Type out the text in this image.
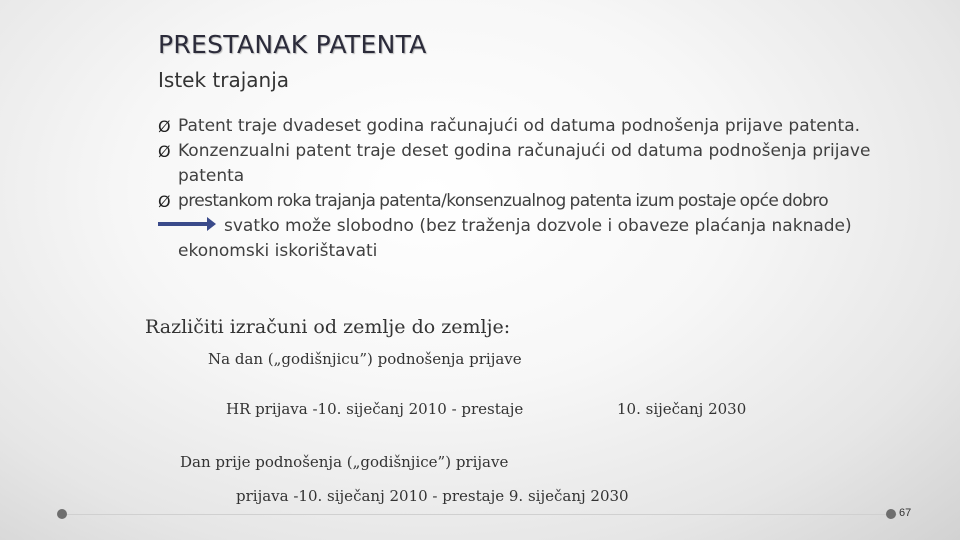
PRESTANAK PATENTA
Istek trajanja
Ø Patent traje dvadeset godina računajući od datuma podnošenja prijave patenta.
Ø Konzenzualni patent traje deset godina računajući od datuma podnošenja prijave
patenta
Ø prestankom roka trajanja patenta/konsenzualnog patenta izum postaje opće dobro
svatko može slobodno (bez traženja dozvole i obaveze plaćanja naknade)
ekonomski iskorištavati
Različiti izračuni od zemlje do zemlje:
Na dan („godišnjicu”) podnošenja prijave
HR prijava -10. siječanj 2010 - prestaje	10. siječanj 2030
Dan prije podnošenja („godišnjice”) prijave
prijava -10. siječanj 2010 - prestaje 9. siječanj 2030
67
